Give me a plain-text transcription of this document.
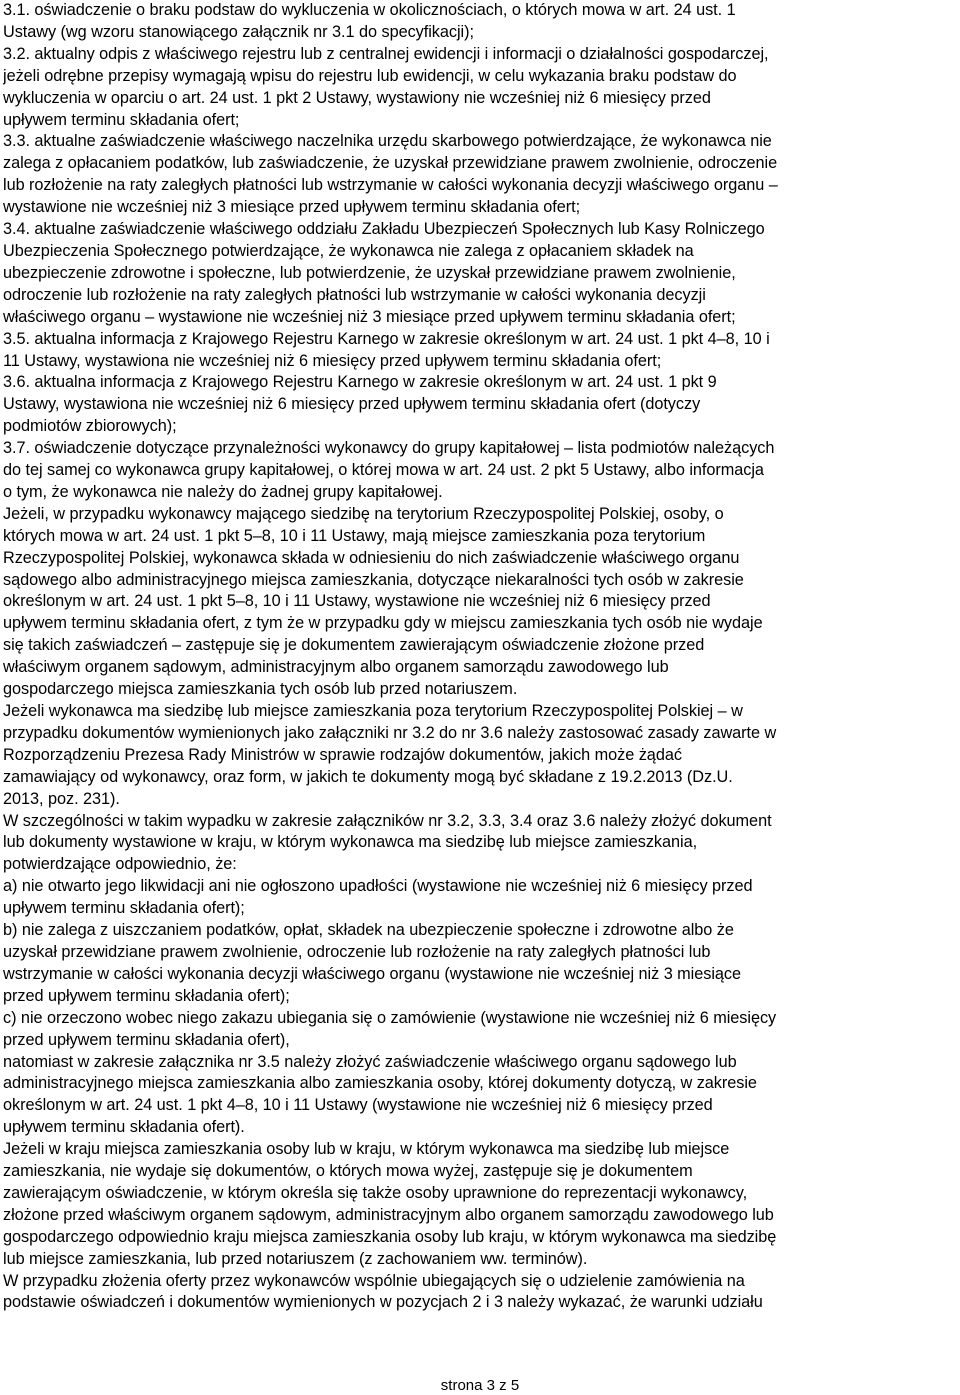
3.1. oświadczenie o braku podstaw do wykluczenia w okolicznościach, o których mowa w art. 24 ust. 1
Ustawy (wg wzoru stanowiącego załącznik nr 3.1 do specyfikacji);
3.2. aktualny odpis z właściwego rejestru lub z centralnej ewidencji i informacji o działalności gospodarczej,
jeżeli odrębne przepisy wymagają wpisu do rejestru lub ewidencji, w celu wykazania braku podstaw do
wykluczenia w oparciu o art. 24 ust. 1 pkt 2 Ustawy, wystawiony nie wcześniej niż 6 miesięcy przed
upływem terminu składania ofert;
3.3. aktualne zaświadczenie właściwego naczelnika urzędu skarbowego potwierdzające, że wykonawca nie
zalega z opłacaniem podatków, lub zaświadczenie, że uzyskał przewidziane prawem zwolnienie, odroczenie
lub rozłożenie na raty zaległych płatności lub wstrzymanie w całości wykonania decyzji właściwego organu –
wystawione nie wcześniej niż 3 miesiące przed upływem terminu składania ofert;
3.4. aktualne zaświadczenie właściwego oddziału Zakładu Ubezpieczeń Społecznych lub Kasy Rolniczego
Ubezpieczenia Społecznego potwierdzające, że wykonawca nie zalega z opłacaniem składek na
ubezpieczenie zdrowotne i społeczne, lub potwierdzenie, że uzyskał przewidziane prawem zwolnienie,
odroczenie lub rozłożenie na raty zaległych płatności lub wstrzymanie w całości wykonania decyzji
właściwego organu – wystawione nie wcześniej niż 3 miesiące przed upływem terminu składania ofert;
3.5. aktualna informacja z Krajowego Rejestru Karnego w zakresie określonym w art. 24 ust. 1 pkt 4–8, 10 i
11 Ustawy, wystawiona nie wcześniej niż 6 miesięcy przed upływem terminu składania ofert;
3.6. aktualna informacja z Krajowego Rejestru Karnego w zakresie określonym w art. 24 ust. 1 pkt 9
Ustawy, wystawiona nie wcześniej niż 6 miesięcy przed upływem terminu składania ofert (dotyczy
podmiotów zbiorowych);
3.7. oświadczenie dotyczące przynależności wykonawcy do grupy kapitałowej – lista podmiotów należących
do tej samej co wykonawca grupy kapitałowej, o której mowa w art. 24 ust. 2 pkt 5 Ustawy, albo informacja
o tym, że wykonawca nie należy do żadnej grupy kapitałowej.
Jeżeli, w przypadku wykonawcy mającego siedzibę na terytorium Rzeczypospolitej Polskiej, osoby, o
których mowa w art. 24 ust. 1 pkt 5–8, 10 i 11 Ustawy, mają miejsce zamieszkania poza terytorium
Rzeczypospolitej Polskiej, wykonawca składa w odniesieniu do nich zaświadczenie właściwego organu
sądowego albo administracyjnego miejsca zamieszkania, dotyczące niekaralności tych osób w zakresie
określonym w art. 24 ust. 1 pkt 5–8, 10 i 11 Ustawy, wystawione nie wcześniej niż 6 miesięcy przed
upływem terminu składania ofert, z tym że w przypadku gdy w miejscu zamieszkania tych osób nie wydaje
się takich zaświadczeń – zastępuje się je dokumentem zawierającym oświadczenie złożone przed
właściwym organem sądowym, administracyjnym albo organem samorządu zawodowego lub
gospodarczego miejsca zamieszkania tych osób lub przed notariuszem.
Jeżeli wykonawca ma siedzibę lub miejsce zamieszkania poza terytorium Rzeczypospolitej Polskiej – w
przypadku dokumentów wymienionych jako załączniki nr 3.2 do nr 3.6 należy zastosować zasady zawarte w
Rozporządzeniu Prezesa Rady Ministrów w sprawie rodzajów dokumentów, jakich może żądać
zamawiający od wykonawcy, oraz form, w jakich te dokumenty mogą być składane z 19.2.2013 (Dz.U.
2013, poz. 231).
W szczególności w takim wypadku w zakresie załączników nr 3.2, 3.3, 3.4 oraz 3.6 należy złożyć dokument
lub dokumenty wystawione w kraju, w którym wykonawca ma siedzibę lub miejsce zamieszkania,
potwierdzające odpowiednio, że:
a) nie otwarto jego likwidacji ani nie ogłoszono upadłości (wystawione nie wcześniej niż 6 miesięcy przed
upływem terminu składania ofert);
b) nie zalega z uiszczaniem podatków, opłat, składek na ubezpieczenie społeczne i zdrowotne albo że
uzyskał przewidziane prawem zwolnienie, odroczenie lub rozłożenie na raty zaległych płatności lub
wstrzymanie w całości wykonania decyzji właściwego organu (wystawione nie wcześniej niż 3 miesiące
przed upływem terminu składania ofert);
c) nie orzeczono wobec niego zakazu ubiegania się o zamówienie (wystawione nie wcześniej niż 6 miesięcy
przed upływem terminu składania ofert),
natomiast w zakresie załącznika nr 3.5 należy złożyć zaświadczenie właściwego organu sądowego lub
administracyjnego miejsca zamieszkania albo zamieszkania osoby, której dokumenty dotyczą, w zakresie
określonym w art. 24 ust. 1 pkt 4–8, 10 i 11 Ustawy (wystawione nie wcześniej niż 6 miesięcy przed
upływem terminu składania ofert).
Jeżeli w kraju miejsca zamieszkania osoby lub w kraju, w którym wykonawca ma siedzibę lub miejsce
zamieszkania, nie wydaje się dokumentów, o których mowa wyżej, zastępuje się je dokumentem
zawierającym oświadczenie, w którym określa się także osoby uprawnione do reprezentacji wykonawcy,
złożone przed właściwym organem sądowym, administracyjnym albo organem samorządu zawodowego lub
gospodarczego odpowiednio kraju miejsca zamieszkania osoby lub kraju, w którym wykonawca ma siedzibę
lub miejsce zamieszkania, lub przed notariuszem (z zachowaniem ww. terminów).
W przypadku złożenia oferty przez wykonawców wspólnie ubiegających się o udzielenie zamówienia na
podstawie oświadczeń i dokumentów wymienionych w pozycjach 2 i 3 należy wykazać, że warunki udziału
strona 3 z 5
